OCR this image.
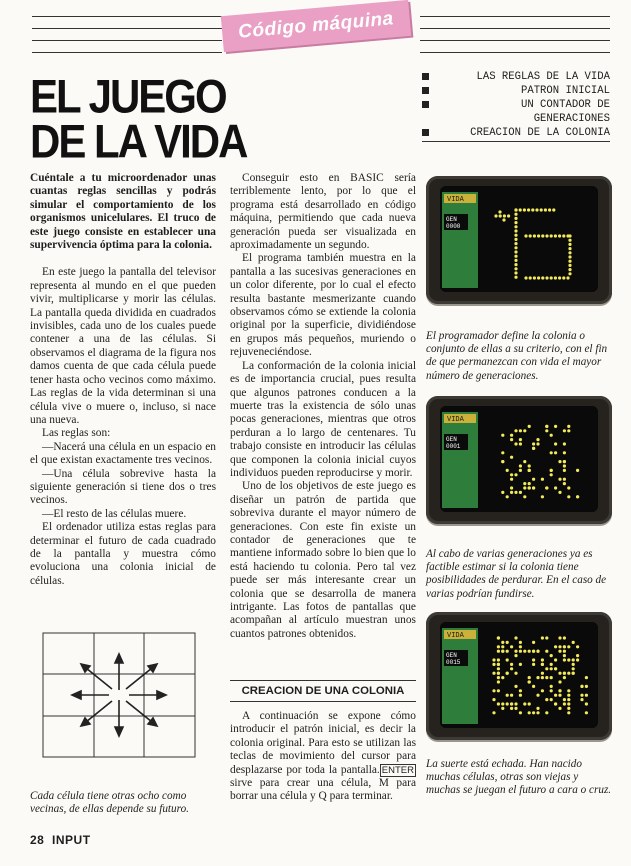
Código máquina
EL JUEGO
DE LA VIDA
LAS REGLAS DE LA VIDA
PATRON INICIAL
UN CONTADOR DE
GENERACIONES
CREACION DE LA COLONIA

Cuéntale a tu microordenador unas cuantas reglas sencillas y podrás simular el comportamiento de los organismos unicelulares. El truco de este juego consiste en establecer una supervivencia óptima para la colonia.

En este juego la pantalla del televisor representa al mundo en el que pueden vivir, multiplicarse y morir las células. La pantalla queda dividida en cuadrados invisibles, cada uno de los cuales puede contener a una de las células. Si observamos el diagrama de la figura nos damos cuenta de que cada célula puede tener hasta ocho vecinos como máximo. Las reglas de la vida determinan si una célula vive o muere o, incluso, si nace una nueva.

Las reglas son:

—Nacerá una célula en un espacio en el que existan exactamente tres vecinos.

—Una célula sobrevive hasta la siguiente generación si tiene dos o tres vecinos.

—El resto de las células muere.

El ordenador utiliza estas reglas para determinar el futuro de cada cuadrado de la pantalla y muestra cómo evoluciona una colonia inicial de células.

Cada célula tiene otras ocho como vecinas, de ellas depende su futuro.

Conseguir esto en BASIC sería terriblemente lento, por lo que el programa está desarrollado en código máquina, permitiendo que cada nueva generación pueda ser visualizada en aproximadamente un segundo.

El programa también muestra en la pantalla a las sucesivas generaciones en un color diferente, por lo cual el efecto resulta bastante mesmerizante cuando observamos cómo se extiende la colonia original por la superficie, dividiéndose en grupos más pequeños, muriendo o rejuveneciéndose.

La conformación de la colonia inicial es de importancia crucial, pues resulta que algunos patrones conducen a la muerte tras la existencia de sólo unas pocas generaciones, mientras que otros perduran a lo largo de centenares. Tu trabajo consiste en introducir las células que componen la colonia inicial cuyos individuos pueden reproducirse y morir.

Uno de los objetivos de este juego es diseñar un patrón de partida que sobreviva durante el mayor número de generaciones. Con este fin existe un contador de generaciones que te mantiene informado sobre lo bien que lo está haciendo tu colonia. Pero tal vez puede ser más interesante crear un colonia que se desarrolla de manera intrigante. Las fotos de pantallas que acompañan al artículo muestran unos cuantos patrones obtenidos.

CREACION DE UNA COLONIA

A continuación se expone cómo introducir el patrón inicial, es decir la colonia original. Para esto se utilizan las teclas de movimiento del cursor para desplazarse por toda la pantalla. ENTER sirve para crear una célula, M para borrar una célula y Q para terminar.

VIDA
GEN
0000
El programador define la colonia o conjunto de ellas a su criterio, con el fin de que permanezcan con vida el mayor número de generaciones.
VIDA
GEN
0001
Al cabo de varias generaciones ya es factible estimar si la colonia tiene posibilidades de perdurar. En el caso de varias podrían fundirse.
VIDA
GEN
0015
La suerte está echada. Han nacido muchas células, otras son viejas y muchas se juegan el futuro a cara o cruz.
28 INPUT
